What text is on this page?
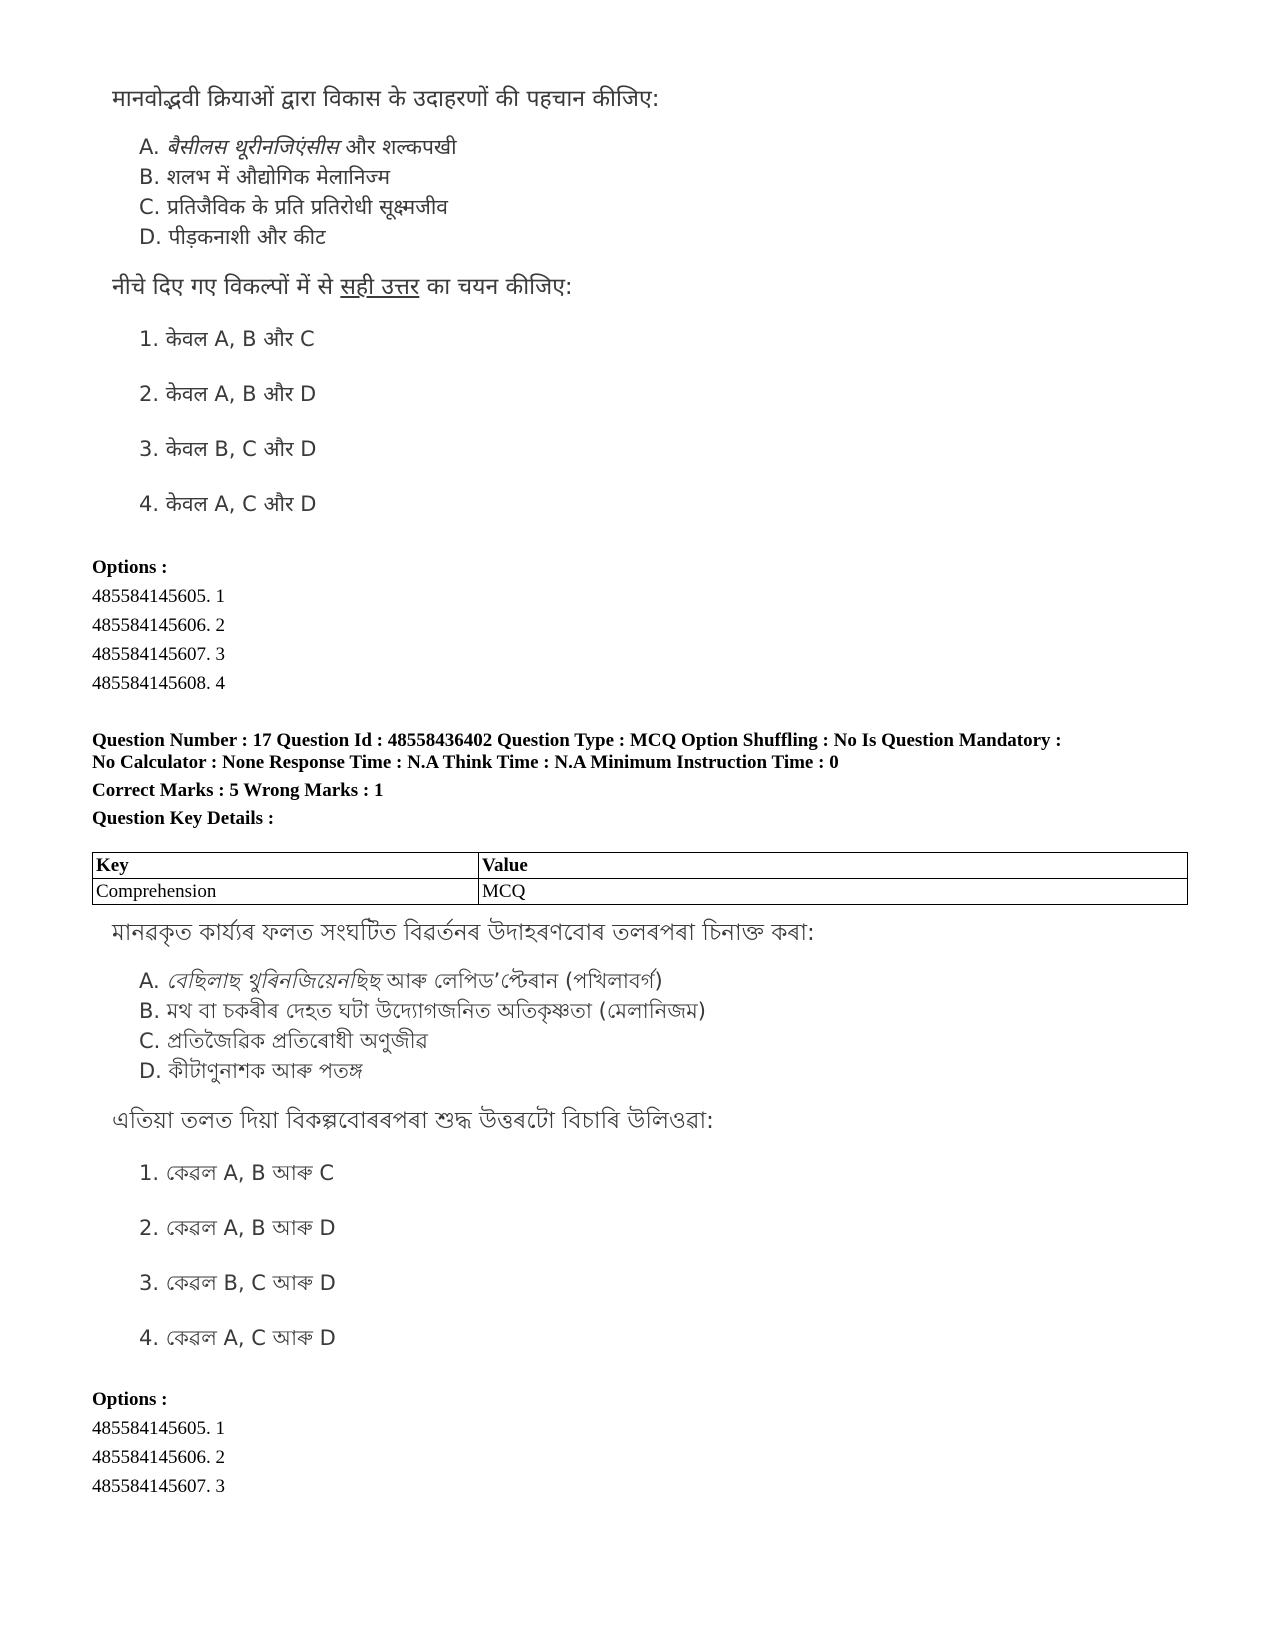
मानवोद्भवी क्रियाओं द्वारा विकास के उदाहरणों की पहचान कीजिए:

A. बैसीलस थूरीनजिएंसीस और शल्कपखी

B. शलभ में औद्योगिक मेलानिज्म

C. प्रतिजैविक के प्रति प्रतिरोधी सूक्ष्मजीव

D. पीड़कनाशी और कीट

नीचे दिए गए विकल्पों में से सही उत्तर का चयन कीजिए:

1. केवल A, B और C

2. केवल A, B और D

3. केवल B, C और D

4. केवल A, C और D

Options :
485584145605. 1
485584145606. 2
485584145607. 3
485584145608. 4

Question Number : 17 Question Id : 48558436402 Question Type : MCQ Option Shuffling : No Is Question Mandatory :

No Calculator : None Response Time : N.A Think Time : N.A Minimum Instruction Time : 0

Correct Marks : 5 Wrong Marks : 1

Question Key Details :

Key	Value
Comprehension	MCQ

মানৱকৃত কাৰ্য্যৰ ফলত সংঘটিত বিৱৰ্তনৰ উদাহৰণবোৰ তলৰপৰা চিনাক্ত কৰা:

A. বেছিলাছ থুৰিনজিয়েনছিছ আৰু লেপিড’প্টেৰান (পখিলাবৰ্গ)

B. মথ বা চকৰীৰ দেহত ঘটা উদ্যোগজনিত অতিকৃষ্ণতা (মেলানিজম)

C. প্ৰতিজৈৱিক প্ৰতিৰোধী অণুজীৱ

D. কীটাণুনাশক আৰু পতঙ্গ

এতিয়া তলত দিয়া বিকল্পবোৰৰপৰা শুদ্ধ উত্তৰটো বিচাৰি উলিওৱা:

1. কেৱল A, B আৰু C

2. কেৱল A, B আৰু D

3. কেৱল B, C আৰু D

4. কেৱল A, C আৰু D

Options :
485584145605. 1
485584145606. 2
485584145607. 3
